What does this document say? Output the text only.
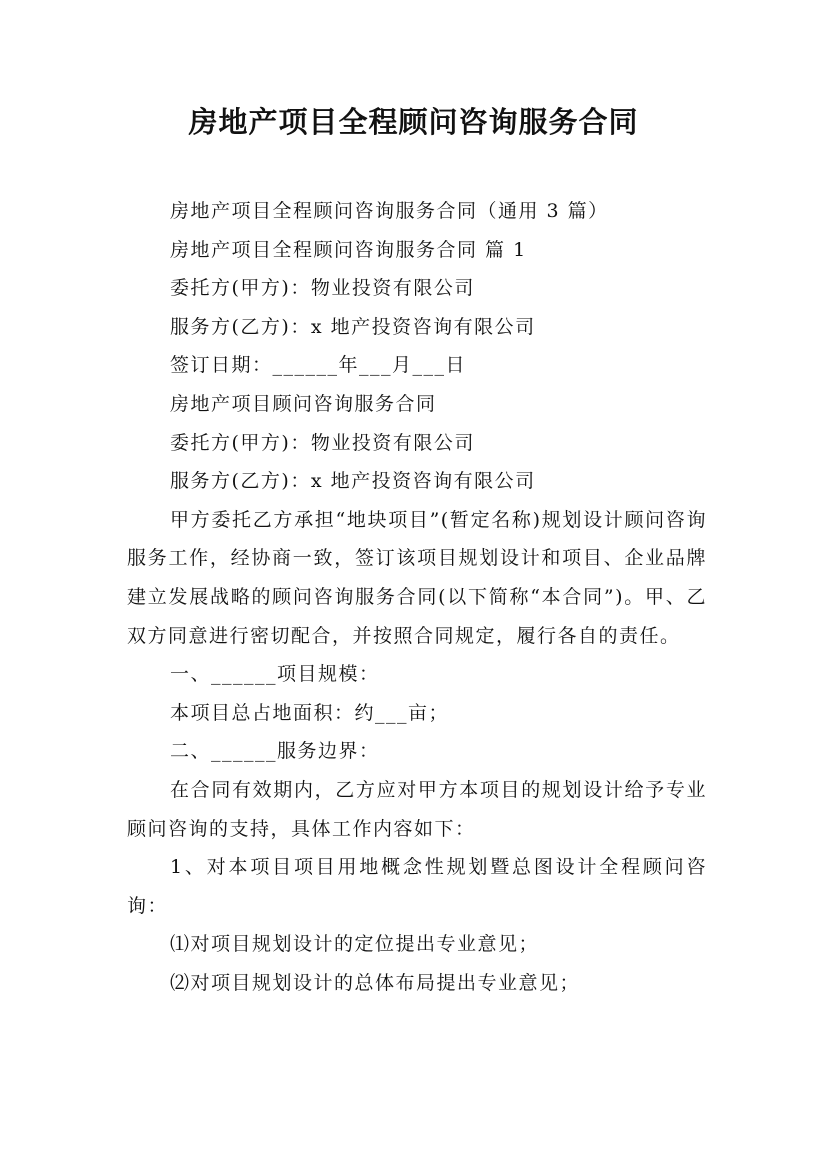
房地产项目全程顾问咨询服务合同

房地产项目全程顾问咨询服务合同（通用 3 篇）

房地产项目全程顾问咨询服务合同 篇 1

委托方(甲方)：物业投资有限公司

服务方(乙方)：x 地产投资咨询有限公司

签订日期：______年___月___日

房地产项目顾问咨询服务合同

委托方(甲方)：物业投资有限公司

服务方(乙方)：x 地产投资咨询有限公司

甲方委托乙方承担“地块项目”(暂定名称)规划设计顾问咨询服务工作，经协商一致，签订该项目规划设计和项目、企业品牌建立发展战略的顾问咨询服务合同(以下简称“本合同”)。甲、乙双方同意进行密切配合，并按照合同规定，履行各自的责任。

一、______项目规模：

本项目总占地面积：约___亩；

二、______服务边界：

在合同有效期内，乙方应对甲方本项目的规划设计给予专业顾问咨询的支持，具体工作内容如下：

1、对本项目项目用地概念性规划暨总图设计全程顾问咨询：

⑴对项目规划设计的定位提出专业意见；

⑵对项目规划设计的总体布局提出专业意见；
